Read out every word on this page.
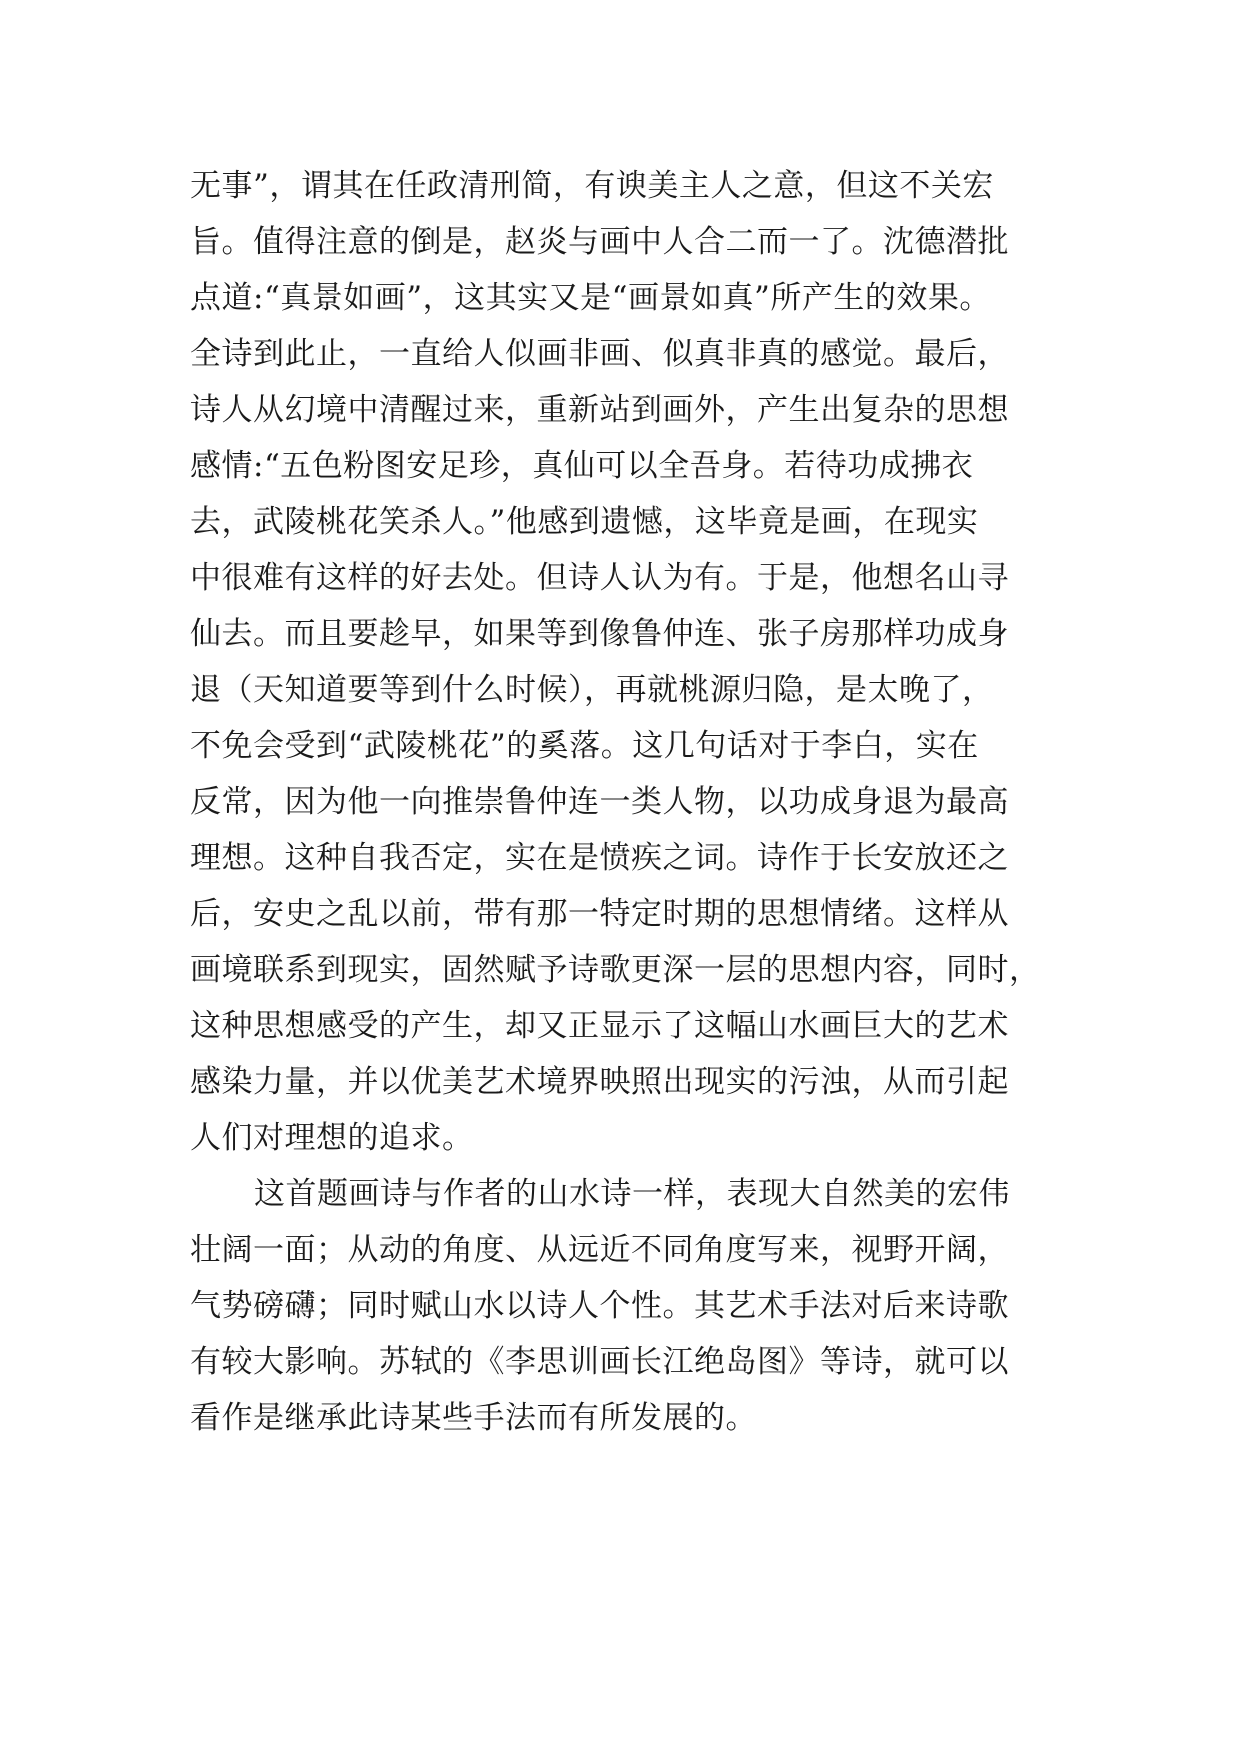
无事”，谓其在任政清刑简，有谀美主人之意，但这不关宏
旨。值得注意的倒是，赵炎与画中人合二而一了。沈德潜批
点道:“真景如画”，这其实又是“画景如真”所产生的效果。
全诗到此止，一直给人似画非画、似真非真的感觉。最后，
诗人从幻境中清醒过来，重新站到画外，产生出复杂的思想
感情:“五色粉图安足珍，真仙可以全吾身。若待功成拂衣
去，武陵桃花笑杀人。”他感到遗憾，这毕竟是画，在现实
中很难有这样的好去处。但诗人认为有。于是，他想名山寻
仙去。而且要趁早，如果等到像鲁仲连、张子房那样功成身
退（天知道要等到什么时候），再就桃源归隐，是太晚了，
不免会受到“武陵桃花”的奚落。这几句话对于李白，实在
反常，因为他一向推崇鲁仲连一类人物，以功成身退为最高
理想。这种自我否定，实在是愤疾之词。诗作于长安放还之
后，安史之乱以前，带有那一特定时期的思想情绪。这样从
画境联系到现实，固然赋予诗歌更深一层的思想内容，同时，
这种思想感受的产生，却又正显示了这幅山水画巨大的艺术
感染力量，并以优美艺术境界映照出现实的污浊，从而引起
人们对理想的追求。
这首题画诗与作者的山水诗一样，表现大自然美的宏伟
壮阔一面；从动的角度、从远近不同角度写来，视野开阔，
气势磅礴；同时赋山水以诗人个性。其艺术手法对后来诗歌
有较大影响。苏轼的《李思训画长江绝岛图》等诗，就可以
看作是继承此诗某些手法而有所发展的。
